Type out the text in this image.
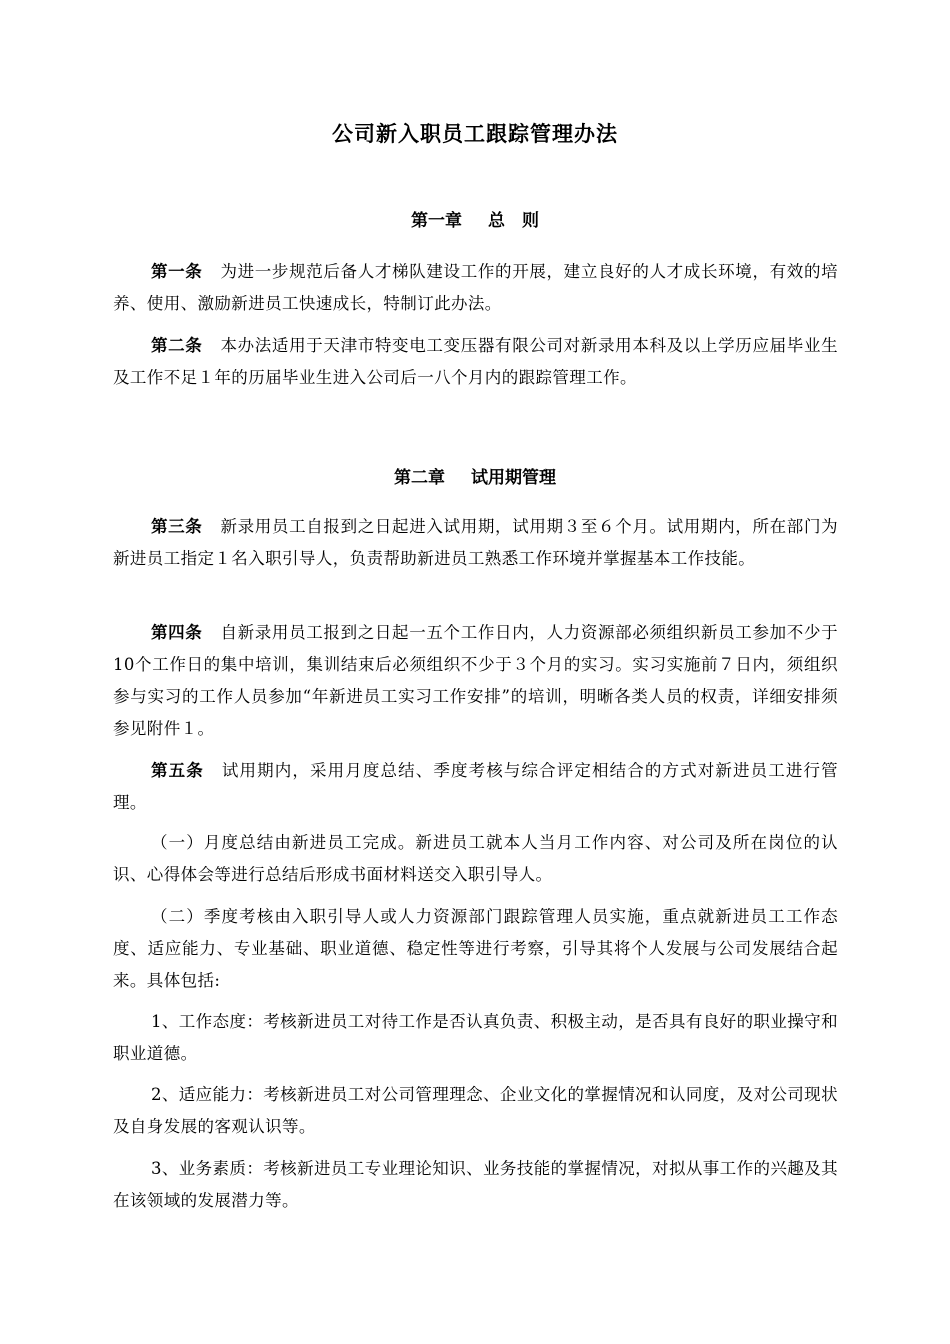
公司新入职员工跟踪管理办法
第一章 总　则
第一条 为进一步规范后备人才梯队建设工作的开展，建立良好的人才成长环境，有效的培养、使用、激励新进员工快速成长，特制订此办法。
第二条 本办法适用于天津市特变电工变压器有限公司对新录用本科及以上学历应届毕业生及工作不足１年的历届毕业生进入公司后一八个月内的跟踪管理工作。
第二章 试用期管理
第三条 新录用员工自报到之日起进入试用期，试用期３至６个月。试用期内，所在部门为新进员工指定１名入职引导人，负责帮助新进员工熟悉工作环境并掌握基本工作技能。
第四条 自新录用员工报到之日起一五个工作日内，人力资源部必须组织新员工参加不少于10个工作日的集中培训，集训结束后必须组织不少于３个月的实习。实习实施前７日内，须组织参与实习的工作人员参加“年新进员工实习工作安排”的培训，明晰各类人员的权责，详细安排须参见附件１。
第五条 试用期内，采用月度总结、季度考核与综合评定相结合的方式对新进员工进行管理。
（一）月度总结由新进员工完成。新进员工就本人当月工作内容、对公司及所在岗位的认识、心得体会等进行总结后形成书面材料送交入职引导人。
（二）季度考核由入职引导人或人力资源部门跟踪管理人员实施，重点就新进员工工作态度、适应能力、专业基础、职业道德、稳定性等进行考察，引导其将个人发展与公司发展结合起来。具体包括:
1、工作态度：考核新进员工对待工作是否认真负责、积极主动，是否具有良好的职业操守和职业道德。
2、适应能力：考核新进员工对公司管理理念、企业文化的掌握情况和认同度，及对公司现状及自身发展的客观认识等。
3、业务素质：考核新进员工专业理论知识、业务技能的掌握情况，对拟从事工作的兴趣及其在该领域的发展潜力等。
